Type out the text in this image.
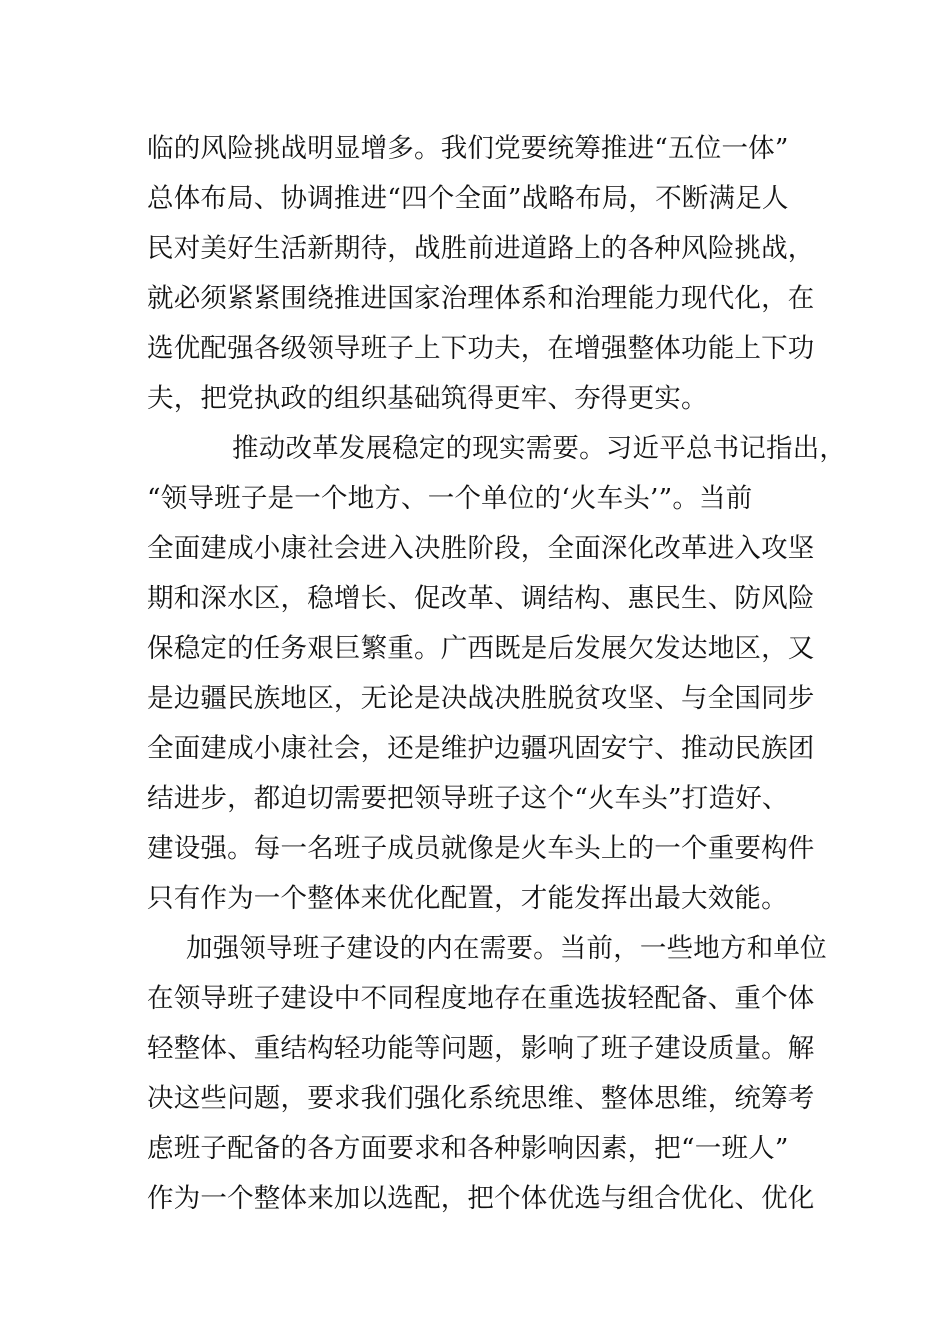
临的风险挑战明显增多。我们党要统筹推进“五位一体”
总体布局、协调推进“四个全面”战略布局，不断满足人
民对美好生活新期待，战胜前进道路上的各种风险挑战，
就必须紧紧围绕推进国家治理体系和治理能力现代化，在
选优配强各级领导班子上下功夫，在增强整体功能上下功
夫，把党执政的组织基础筑得更牢、夯得更实。
推动改革发展稳定的现实需要。习近平总书记指出，
“领导班子是一个地方、一个单位的‘火车头’”。当前
全面建成小康社会进入决胜阶段，全面深化改革进入攻坚
期和深水区，稳增长、促改革、调结构、惠民生、防风险
保稳定的任务艰巨繁重。广西既是后发展欠发达地区，又
是边疆民族地区，无论是决战决胜脱贫攻坚、与全国同步
全面建成小康社会，还是维护边疆巩固安宁、推动民族团
结进步，都迫切需要把领导班子这个“火车头”打造好、
建设强。每一名班子成员就像是火车头上的一个重要构件
只有作为一个整体来优化配置，才能发挥出最大效能。
加强领导班子建设的内在需要。当前，一些地方和单位
在领导班子建设中不同程度地存在重选拔轻配备、重个体
轻整体、重结构轻功能等问题，影响了班子建设质量。解
决这些问题，要求我们强化系统思维、整体思维，统筹考
虑班子配备的各方面要求和各种影响因素，把“一班人”
作为一个整体来加以选配，把个体优选与组合优化、优化
